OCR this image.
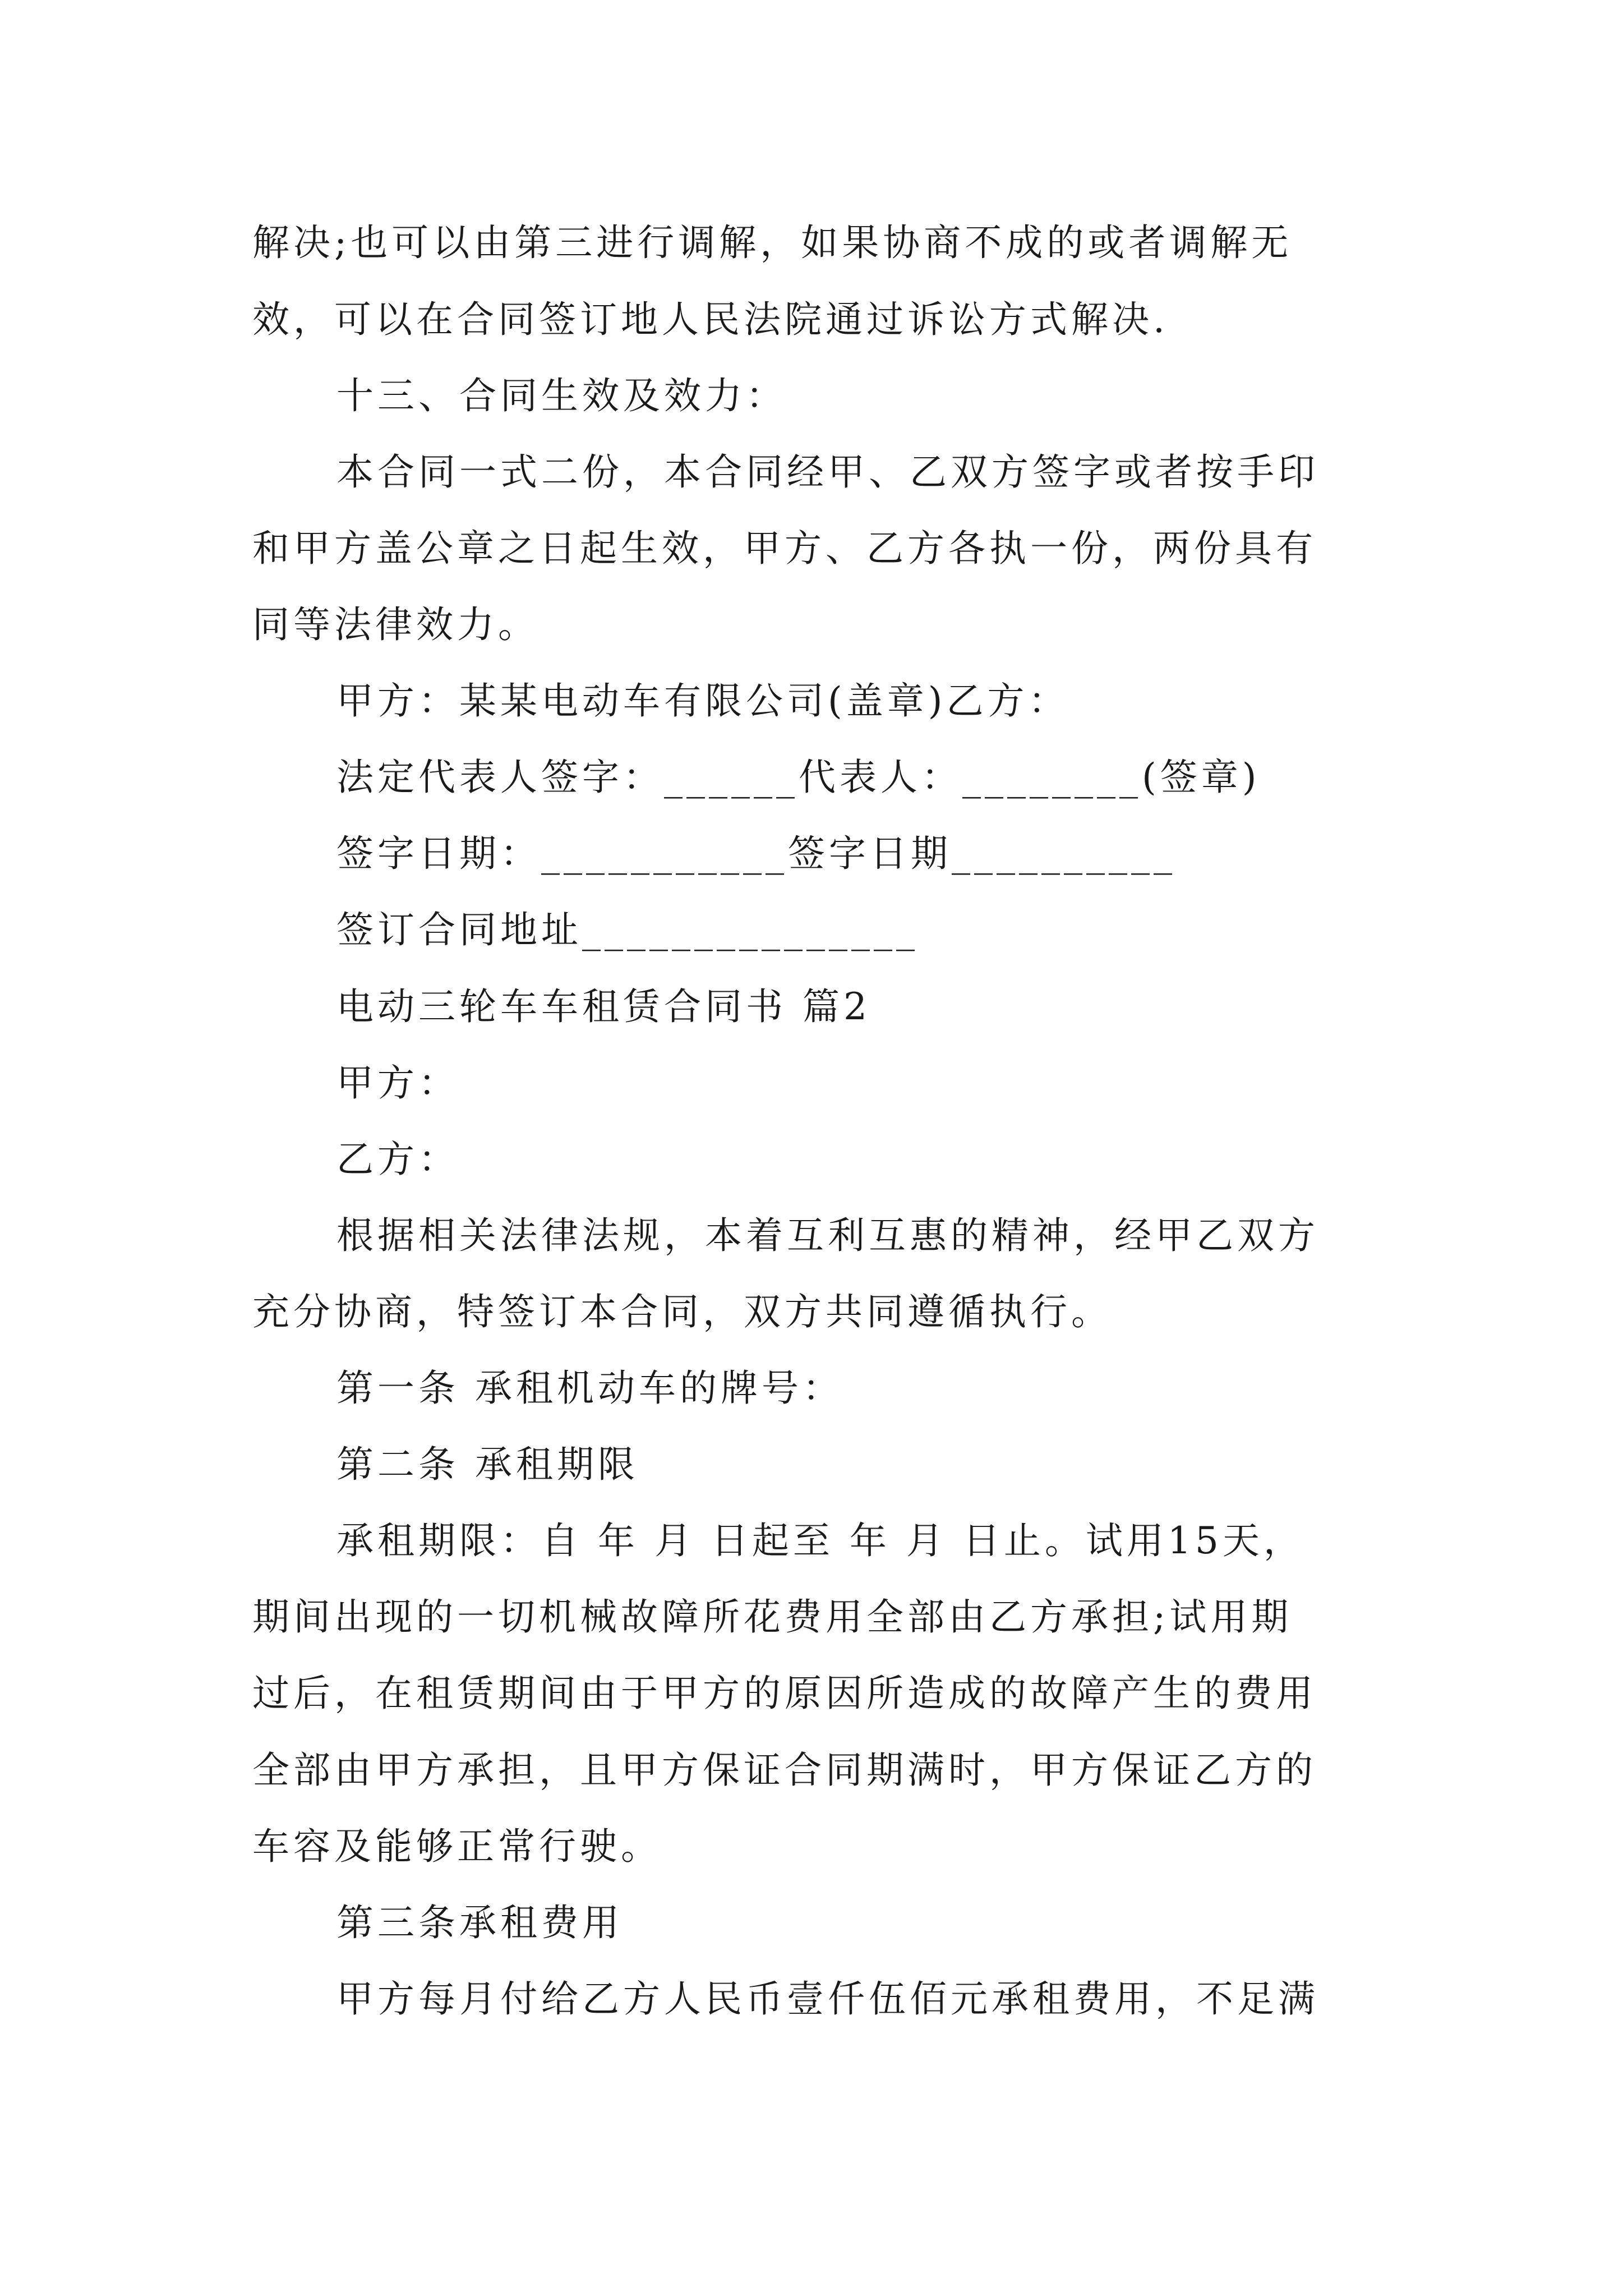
解决;也可以由第三进行调解，如果协商不成的或者调解无
效，可以在合同签订地人民法院通过诉讼方式解决.
十三、合同生效及效力：
本合同一式二份，本合同经甲、乙双方签字或者按手印
和甲方盖公章之日起生效，甲方、乙方各执一份，两份具有
同等法律效力。
甲方：某某电动车有限公司(盖章)乙方：
法定代表人签字：______代表人：________(签章)
签字日期：___________签字日期__________
签订合同地址_______________
电动三轮车车租赁合同书 篇2
甲方：
乙方：
根据相关法律法规，本着互利互惠的精神，经甲乙双方
充分协商，特签订本合同，双方共同遵循执行。
第一条 承租机动车的牌号：
第二条 承租期限
承租期限：自 年 月 日起至 年 月 日止。试用15天，
期间出现的一切机械故障所花费用全部由乙方承担;试用期
过后，在租赁期间由于甲方的原因所造成的故障产生的费用
全部由甲方承担，且甲方保证合同期满时，甲方保证乙方的
车容及能够正常行驶。
第三条承租费用
甲方每月付给乙方人民币壹仟伍佰元承租费用，不足满
